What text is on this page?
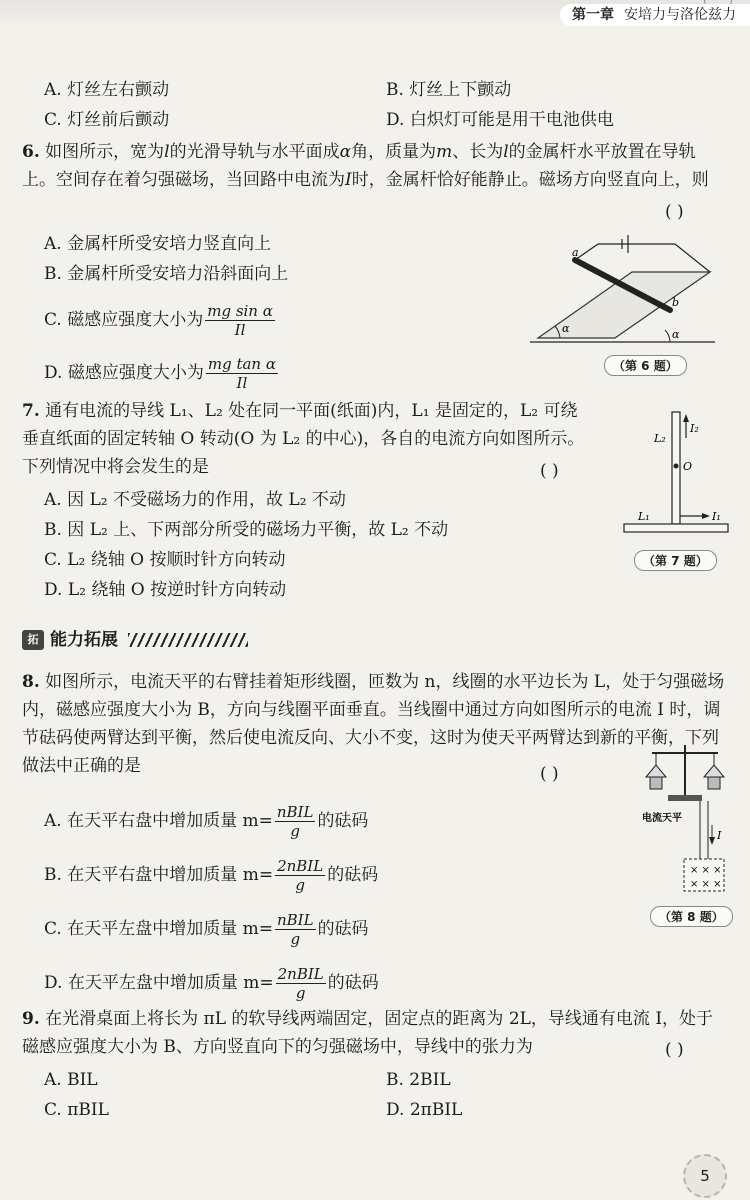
第一章 安培力与洛伦兹力
A. 灯丝左右颤动	B. 灯丝上下颤动
C. 灯丝前后颤动	D. 白炽灯可能是用干电池供电
6. 如图所示，宽为l的光滑导轨与水平面成α角，质量为m、长为l的金属杆水平放置在导轨上。空间存在着匀强磁场，当回路中电流为I时，金属杆恰好能静止。磁场方向竖直向上，则
( )
A. 金属杆所受安培力竖直向上
B. 金属杆所受安培力沿斜面向上
C. 磁感应强度大小为 $\frac{\text{mg sin α}}{Il}$
D. 磁感应强度大小为 $\frac{\text{mg tan α}}{Il}$
a
b
α	α
（第 6 题）
7. 通有电流的导线 L₁、L₂ 处在同一平面(纸面)内，L₁ 是固定的，L₂ 可绕垂直纸面的固定转轴 O 转动(O 为 L₂ 的中心)，各自的电流方向如图所示。下列情况中将会发生的是	( )
A. 因 L₂ 不受磁场力的作用，故 L₂ 不动
B. 因 L₂ 上、下两部分所受的磁场力平衡，故 L₂ 不动
C. L₂ 绕轴 O 按顺时针方向转动
D. L₂ 绕轴 O 按逆时针方向转动
I₂
L₂
O
L₁	I₁
（第 7 题）
拓 能力拓展
8. 如图所示，电流天平的右臂挂着矩形线圈，匝数为 n，线圈的水平边长为 L，处于匀强磁场内，磁感应强度大小为 B，方向与线圈平面垂直。当线圈中通过方向如图所示的电流 I 时，调节砝码使两臂达到平衡，然后使电流反向、大小不变，这时为使天平两臂达到新的平衡，下列做法中正确的是	( )
A. 在天平右盘中增加质量 $m= \frac{\text{nBIL}}{g}$ 的砝码
B. 在天平右盘中增加质量 $m= \frac{\text{2nBIL}}{g}$ 的砝码
C. 在天平左盘中增加质量 $m= \frac{\text{nBIL}}{g}$ 的砝码
D. 在天平左盘中增加质量 $m= \frac{\text{2nBIL}}{g}$ 的砝码
× × ×
× × ×
电流天平
I
（第 8 题）
9. 在光滑桌面上将长为 πL 的软导线两端固定，固定点的距离为 2L，导线通有电流 I，处于磁感应强度大小为 B、方向竖直向下的匀强磁场中，导线中的张力为	( )
A. BIL	B. 2BIL
C. πBIL	D. 2πBIL
5
